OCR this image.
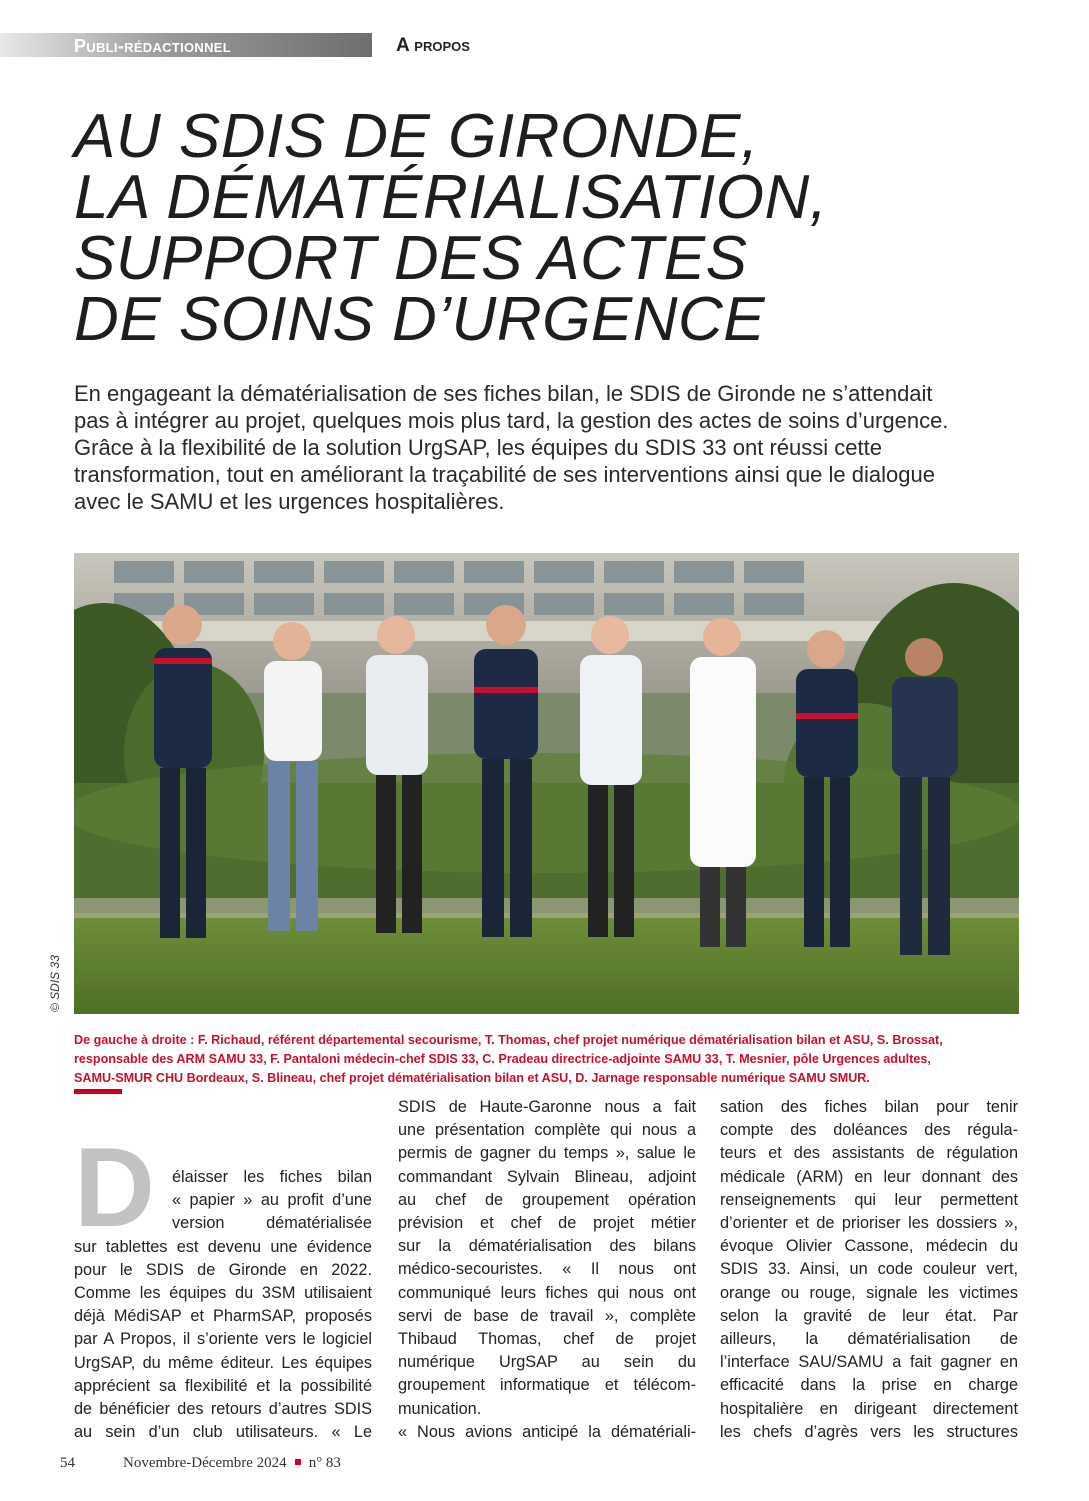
Publi-rédactionnel	A propos
AU SDIS DE GIRONDE,
LA DÉMATÉRIALISATION,
SUPPORT DES ACTES
DE SOINS D’URGENCE

En engageant la dématérialisation de ses fiches bilan, le SDIS de Gironde ne s’attendait
pas à intégrer au projet, quelques mois plus tard, la gestion des actes de soins d’urgence.
Grâce à la flexibilité de la solution UrgSAP, les équipes du SDIS 33 ont réussi cette
transformation, tout en améliorant la traçabilité de ses interventions ainsi que le dialogue
avec le SAMU et les urgences hospitalières.

© SDIS 33

De gauche à droite : F. Richaud, référent départemental secourisme, T. Thomas, chef projet numérique dématérialisation bilan et ASU, S. Brossat,
responsable des ARM SAMU 33, F. Pantaloni médecin-chef SDIS 33, C. Pradeau directrice-adjointe SAMU 33, T. Mesnier, pôle Urgences adultes,
SAMU-SMUR CHU Bordeaux, S. Blineau, chef projet dématérialisation bilan et ASU, D. Jarnage responsable numérique SAMU SMUR.

D élaisser les fiches bilan
« papier » au profit d’une
version dématérialisée
sur tablettes est devenu une évidence
pour le SDIS de Gironde en 2022.
Comme les équipes du 3SM utilisaient
déjà MédiSAP et PharmSAP, proposés
par A Propos, il s’oriente vers le logiciel
UrgSAP, du même éditeur. Les équipes
apprécient sa flexibilité et la possibilité
de bénéficier des retours d’autres SDIS
au sein d’un club utilisateurs. « Le
SDIS de Haute-Garonne nous a fait
une présentation complète qui nous a
permis de gagner du temps », salue le
commandant Sylvain Blineau, adjoint
au chef de groupement opération
prévision et chef de projet métier
sur la dématérialisation des bilans
médico-secouristes. « Il nous ont
communiqué leurs fiches qui nous ont
servi de base de travail », complète
Thibaud Thomas, chef de projet
numérique UrgSAP au sein du
groupement informatique et télécom-
munication.
« Nous avions anticipé la dématériali-
sation des fiches bilan pour tenir
compte des doléances des régula-
teurs et des assistants de régulation
médicale (ARM) en leur donnant des
renseignements qui leur permettent
d’orienter et de prioriser les dossiers »,
évoque Olivier Cassone, médecin du
SDIS 33. Ainsi, un code couleur vert,
orange ou rouge, signale les victimes
selon la gravité de leur état. Par
ailleurs, la dématérialisation de
l’interface SAU/SAMU a fait gagner en
efficacité dans la prise en charge
hospitalière en dirigeant directement
les chefs d’agrès vers les structures
54	Novembre-Décembre 2024 n° 83
